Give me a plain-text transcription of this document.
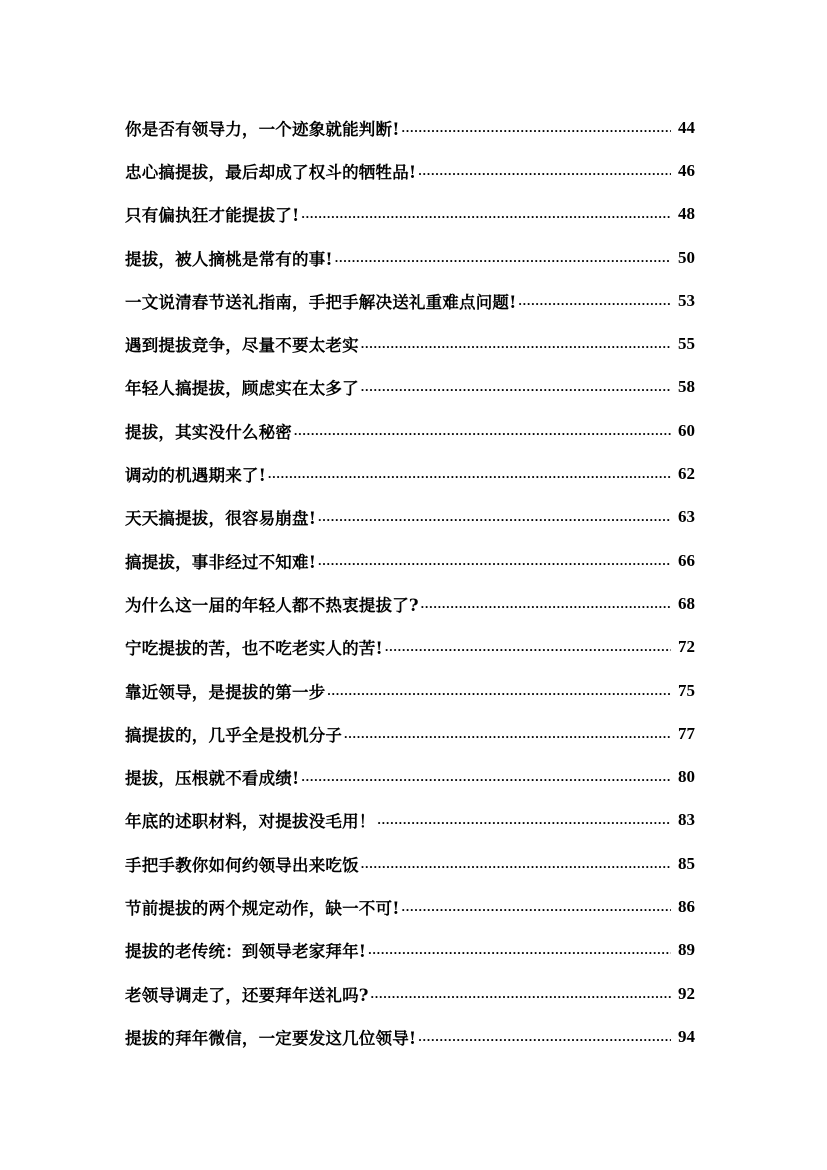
你是否有领导力，一个迹象就能判断! .....	44
忠心搞提拔，最后却成了权斗的牺牲品! .....	46
只有偏执狂才能提拔了! .....	48
提拔，被人摘桃是常有的事! .....	50
一文说清春节送礼指南，手把手解决送礼重难点问题! .....	53
遇到提拔竞争，尽量不要太老实 .....	55
年轻人搞提拔，顾虑实在太多了 .....	58
提拔，其实没什么秘密 .....	60
调动的机遇期来了! .....	62
天天搞提拔，很容易崩盘! .....	63
搞提拔，事非经过不知难! .....	66
为什么这一届的年轻人都不热衷提拔了? .....	68
宁吃提拔的苦，也不吃老实人的苦! .....	72
靠近领导，是提拔的第一步 .....	75
搞提拔的，几乎全是投机分子 .....	77
提拔，压根就不看成绩! .....	80
年底的述职材料，对提拔没毛用！ .....	83
手把手教你如何约领导出来吃饭 .....	85
节前提拔的两个规定动作，缺一不可! .....	86
提拔的老传统：到领导老家拜年! .....	89
老领导调走了，还要拜年送礼吗? .....	92
提拔的拜年微信，一定要发这几位领导! .....	94
